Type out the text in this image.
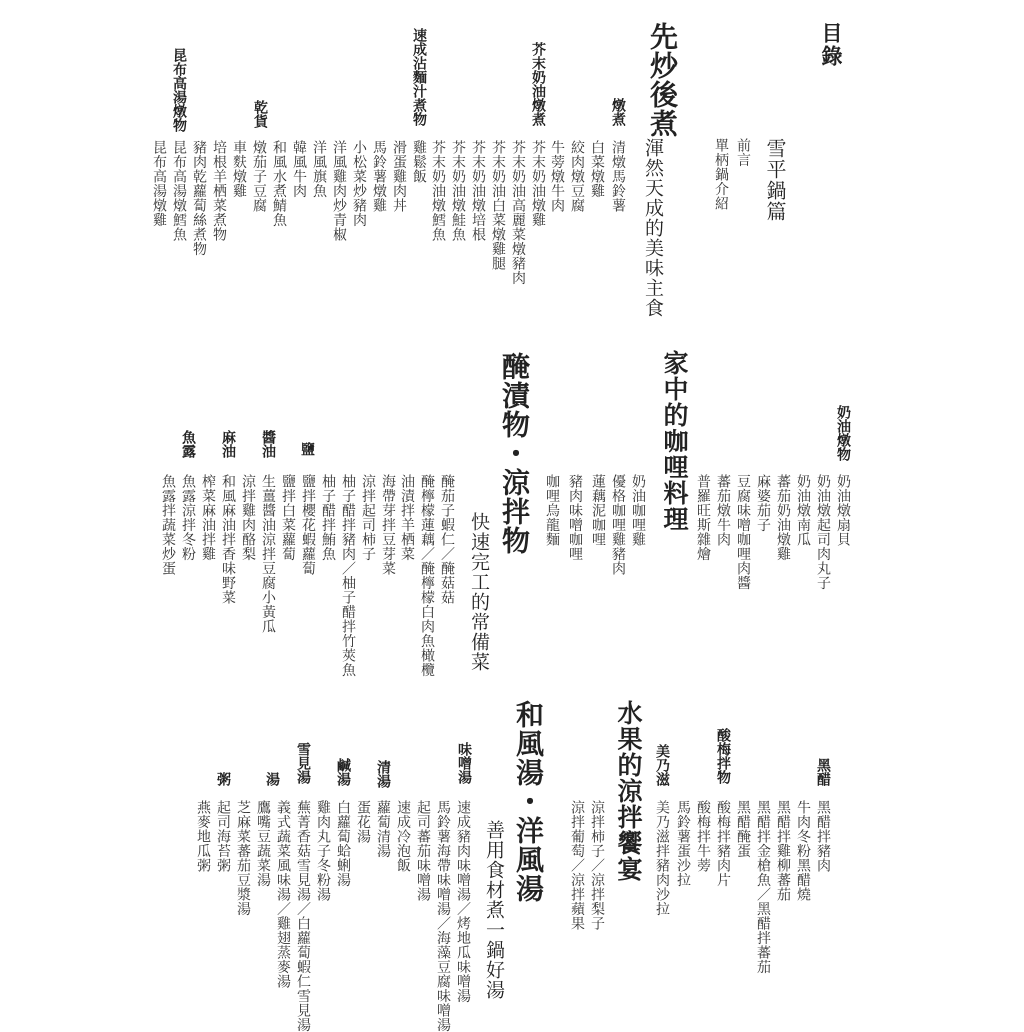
目錄
雪平鍋篇
前言
單柄鍋介紹
先炒後煮
渾然天成的美味主食
燉煮
清燉馬鈴薯
白菜燉雞
絞肉燉豆腐
牛蒡燉牛肉
芥末奶油燉煮
芥末奶油燉雞
芥末奶油高麗菜燉豬肉
芥末奶油白菜燉雞腿
芥末奶油燉培根
芥末奶油燉鮭魚
芥末奶油燉鱈魚
速成沾麵汁煮物
雞鬆飯
滑蛋雞肉丼
馬鈴薯燉雞
小松菜炒豬肉
洋風雞肉炒青椒
乾貨
洋風旗魚
韓風牛肉
和風水煮鯖魚
燉茄子豆腐
車麩燉雞
昆布高湯燉物
培根羊栖菜煮物
豬肉乾蘿蔔絲煮物
昆布高湯燉鱈魚
昆布高湯燉雞
家中的咖哩料理	奶油燉物
奶油燉扇貝
奶油燉起司肉丸子
奶油燉南瓜
蕃茄奶油燉雞
麻婆茄子
豆腐味噌咖哩肉醬
蕃茄燉牛肉
普羅旺斯雜燴
奶油咖哩雞
優格咖哩雞豬肉
蓮藕泥咖哩
豬肉味噌咖哩
咖哩烏龍麵
醃漬物・涼拌物
快速完工的常備菜
醃茄子蝦仁／醃菇菇
醃檸檬蓮藕／醃檸檬白肉魚橄欖
油漬拌羊栖菜
海帶芽拌豆芽菜
涼拌起司柿子
柚子醋拌豬肉／柚子醋拌竹莢魚
柚子醋拌鮪魚
鹽
鹽拌櫻花蝦蘿蔔
鹽拌白菜蘿蔔
醬油
生薑醬油涼拌豆腐小黃瓜
涼拌雞肉酪梨
麻油
和風麻油拌香味野菜
榨菜麻油拌雞
魚露
魚露涼拌冬粉
魚露拌蔬菜炒蛋
水果的涼拌饗宴	黑醋
黑醋拌豬肉
牛肉冬粉黑醋燒
黑醋拌雞柳蕃茄
黑醋拌金槍魚／黑醋拌蕃茄
黑醋醃蛋
酸梅拌物
酸梅拌豬肉片
酸梅拌牛蒡
馬鈴薯蛋沙拉
美乃滋
美乃滋拌豬肉沙拉
涼拌柿子／涼拌梨子
涼拌葡萄／涼拌蘋果
和風湯・洋風湯
善用食材煮一鍋好湯
味噌湯
速成豬肉味噌湯／烤地瓜味噌湯
馬鈴薯海帶味噌湯／海藻豆腐味噌湯
起司蕃茄味噌湯
速成冷泡飯
清湯
蘿蔔清湯
蛋花湯
鹹湯
白蘿蔔蛤蜊湯
雞肉丸子冬粉湯
雪見湯
蕪菁香菇雪見湯／白蘿蔔蝦仁雪見湯
義式蔬菜風味湯／雞翅蒸麥湯
湯
鷹嘴豆蔬菜湯
芝麻菜蕃茄豆漿湯
粥
起司海苔粥
燕麥地瓜粥
